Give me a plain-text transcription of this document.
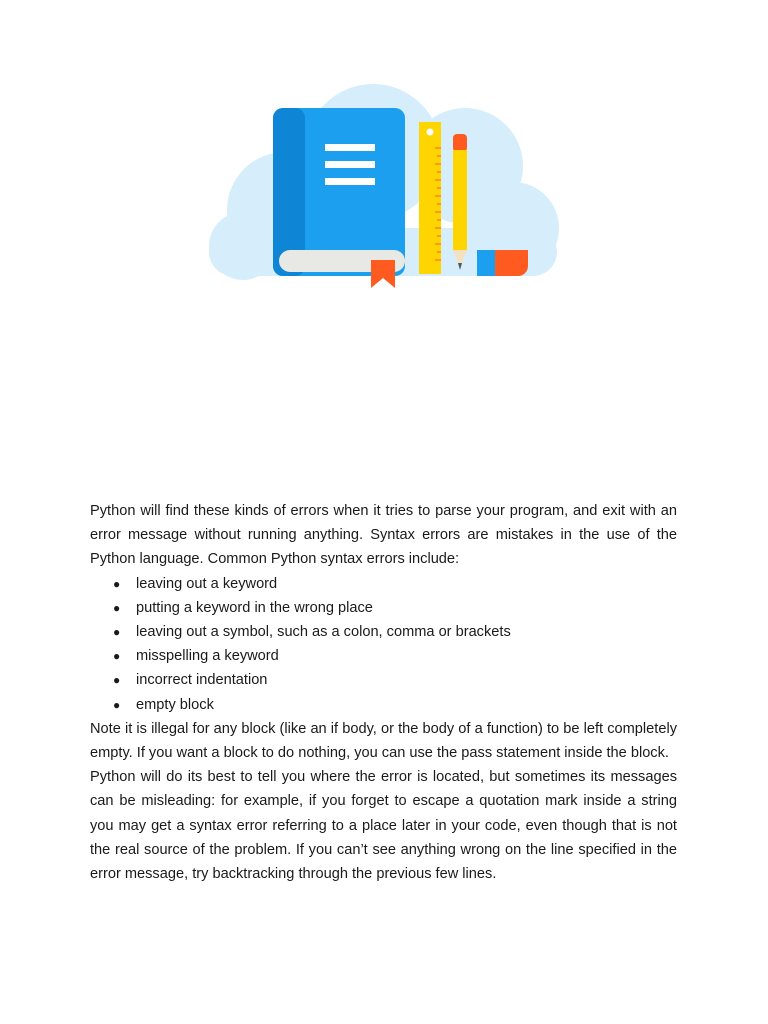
Python will find these kinds of errors when it tries to parse your program, and exit with an error message without running anything. Syntax errors are mistakes in the use of the Python language. Common Python syntax errors include:

● leaving out a keyword
● putting a keyword in the wrong place
● leaving out a symbol, such as a colon, comma or brackets
● misspelling a keyword
● incorrect indentation
● empty block

Note it is illegal for any block (like an if body, or the body of a function) to be left completely empty. If you want a block to do nothing, you can use the pass statement inside the block.

Python will do its best to tell you where the error is located, but sometimes its messages can be misleading: for example, if you forget to escape a quotation mark inside a string you may get a syntax error referring to a place later in your code, even though that is not the real source of the problem. If you can’t see anything wrong on the line specified in the error message, try backtracking through the previous few lines.
